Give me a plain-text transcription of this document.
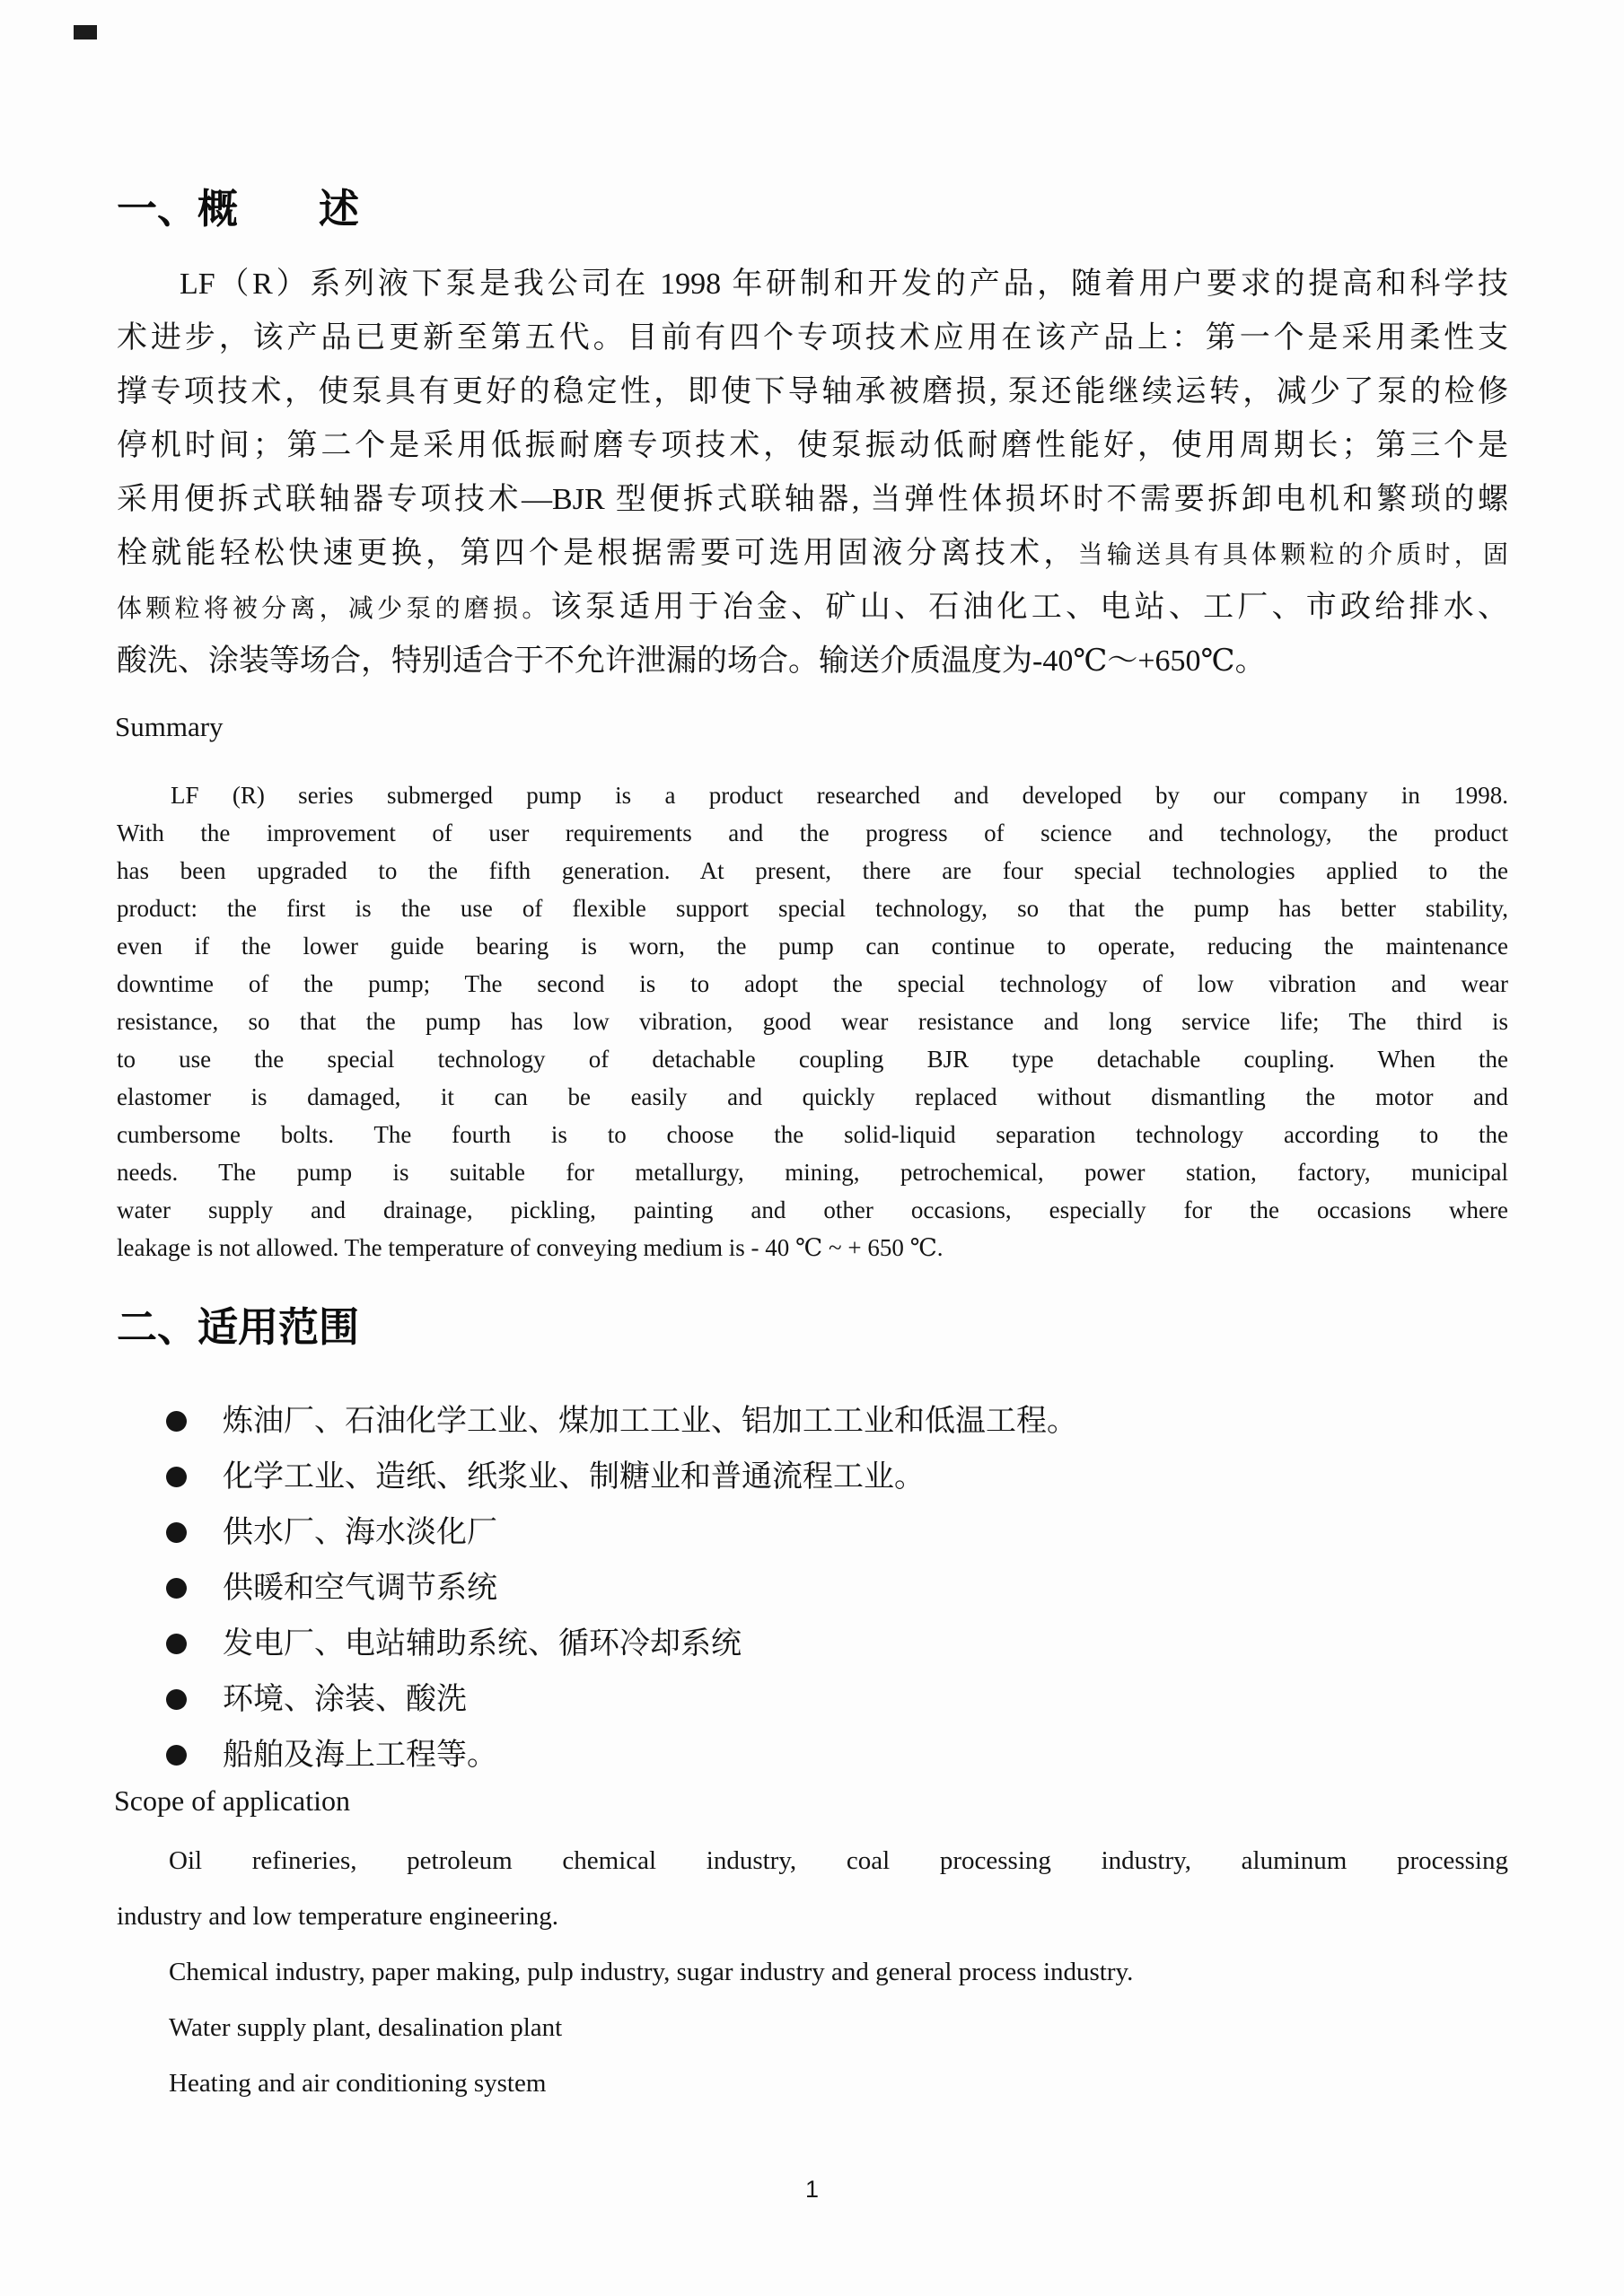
一、概　　述
LF（R）系列液下泵是我公司在 1998 年研制和开发的产品，随着用户要求的提高和科学技
术进步，该产品已更新至第五代。目前有四个专项技术应用在该产品上：第一个是采用柔性支
撑专项技术，使泵具有更好的稳定性，即使下导轴承被磨损, 泵还能继续运转，减少了泵的检修
停机时间；第二个是采用低振耐磨专项技术，使泵振动低耐磨性能好，使用周期长；第三个是
采用便拆式联轴器专项技术—BJR 型便拆式联轴器, 当弹性体损坏时不需要拆卸电机和繁琐的螺
栓就能轻松快速更换，第四个是根据需要可选用固液分离技术，当输送具有具体颗粒的介质时，固
体颗粒将被分离，减少泵的磨损。该泵适用于冶金、矿山、石油化工、电站、工厂、市政给排水、
酸洗、涂装等场合，特别适合于不允许泄漏的场合。输送介质温度为-40℃～+650℃。
Summary
LF (R) series submerged pump is a product researched and developed by our company in 1998.
With the improvement of user requirements and the progress of science and technology, the product
has been upgraded to the fifth generation. At present, there are four special technologies applied to the
product: the first is the use of flexible support special technology, so that the pump has better stability,
even if the lower guide bearing is worn, the pump can continue to operate, reducing the maintenance
downtime of the pump; The second is to adopt the special technology of low vibration and wear
resistance, so that the pump has low vibration, good wear resistance and long service life; The third is
to use the special technology of detachable coupling BJR type detachable coupling. When the
elastomer is damaged, it can be easily and quickly replaced without dismantling the motor and
cumbersome bolts. The fourth is to choose the solid-liquid separation technology according to the
needs. The pump is suitable for metallurgy, mining, petrochemical, power station, factory, municipal
water supply and drainage, pickling, painting and other occasions, especially for the occasions where
leakage is not allowed. The temperature of conveying medium is - 40 ℃ ~ + 650 ℃.
二、适用范围
炼油厂、石油化学工业、煤加工工业、铝加工工业和低温工程。
化学工业、造纸、纸浆业、制糖业和普通流程工业。
供水厂、海水淡化厂
供暖和空气调节系统
发电厂、电站辅助系统、循环冷却系统
环境、涂装、酸洗
船舶及海上工程等。
Scope of application
Oil refineries, petroleum chemical industry, coal processing industry, aluminum processing
industry and low temperature engineering.
Chemical industry, paper making, pulp industry, sugar industry and general process industry.
Water supply plant, desalination plant
Heating and air conditioning system
1
